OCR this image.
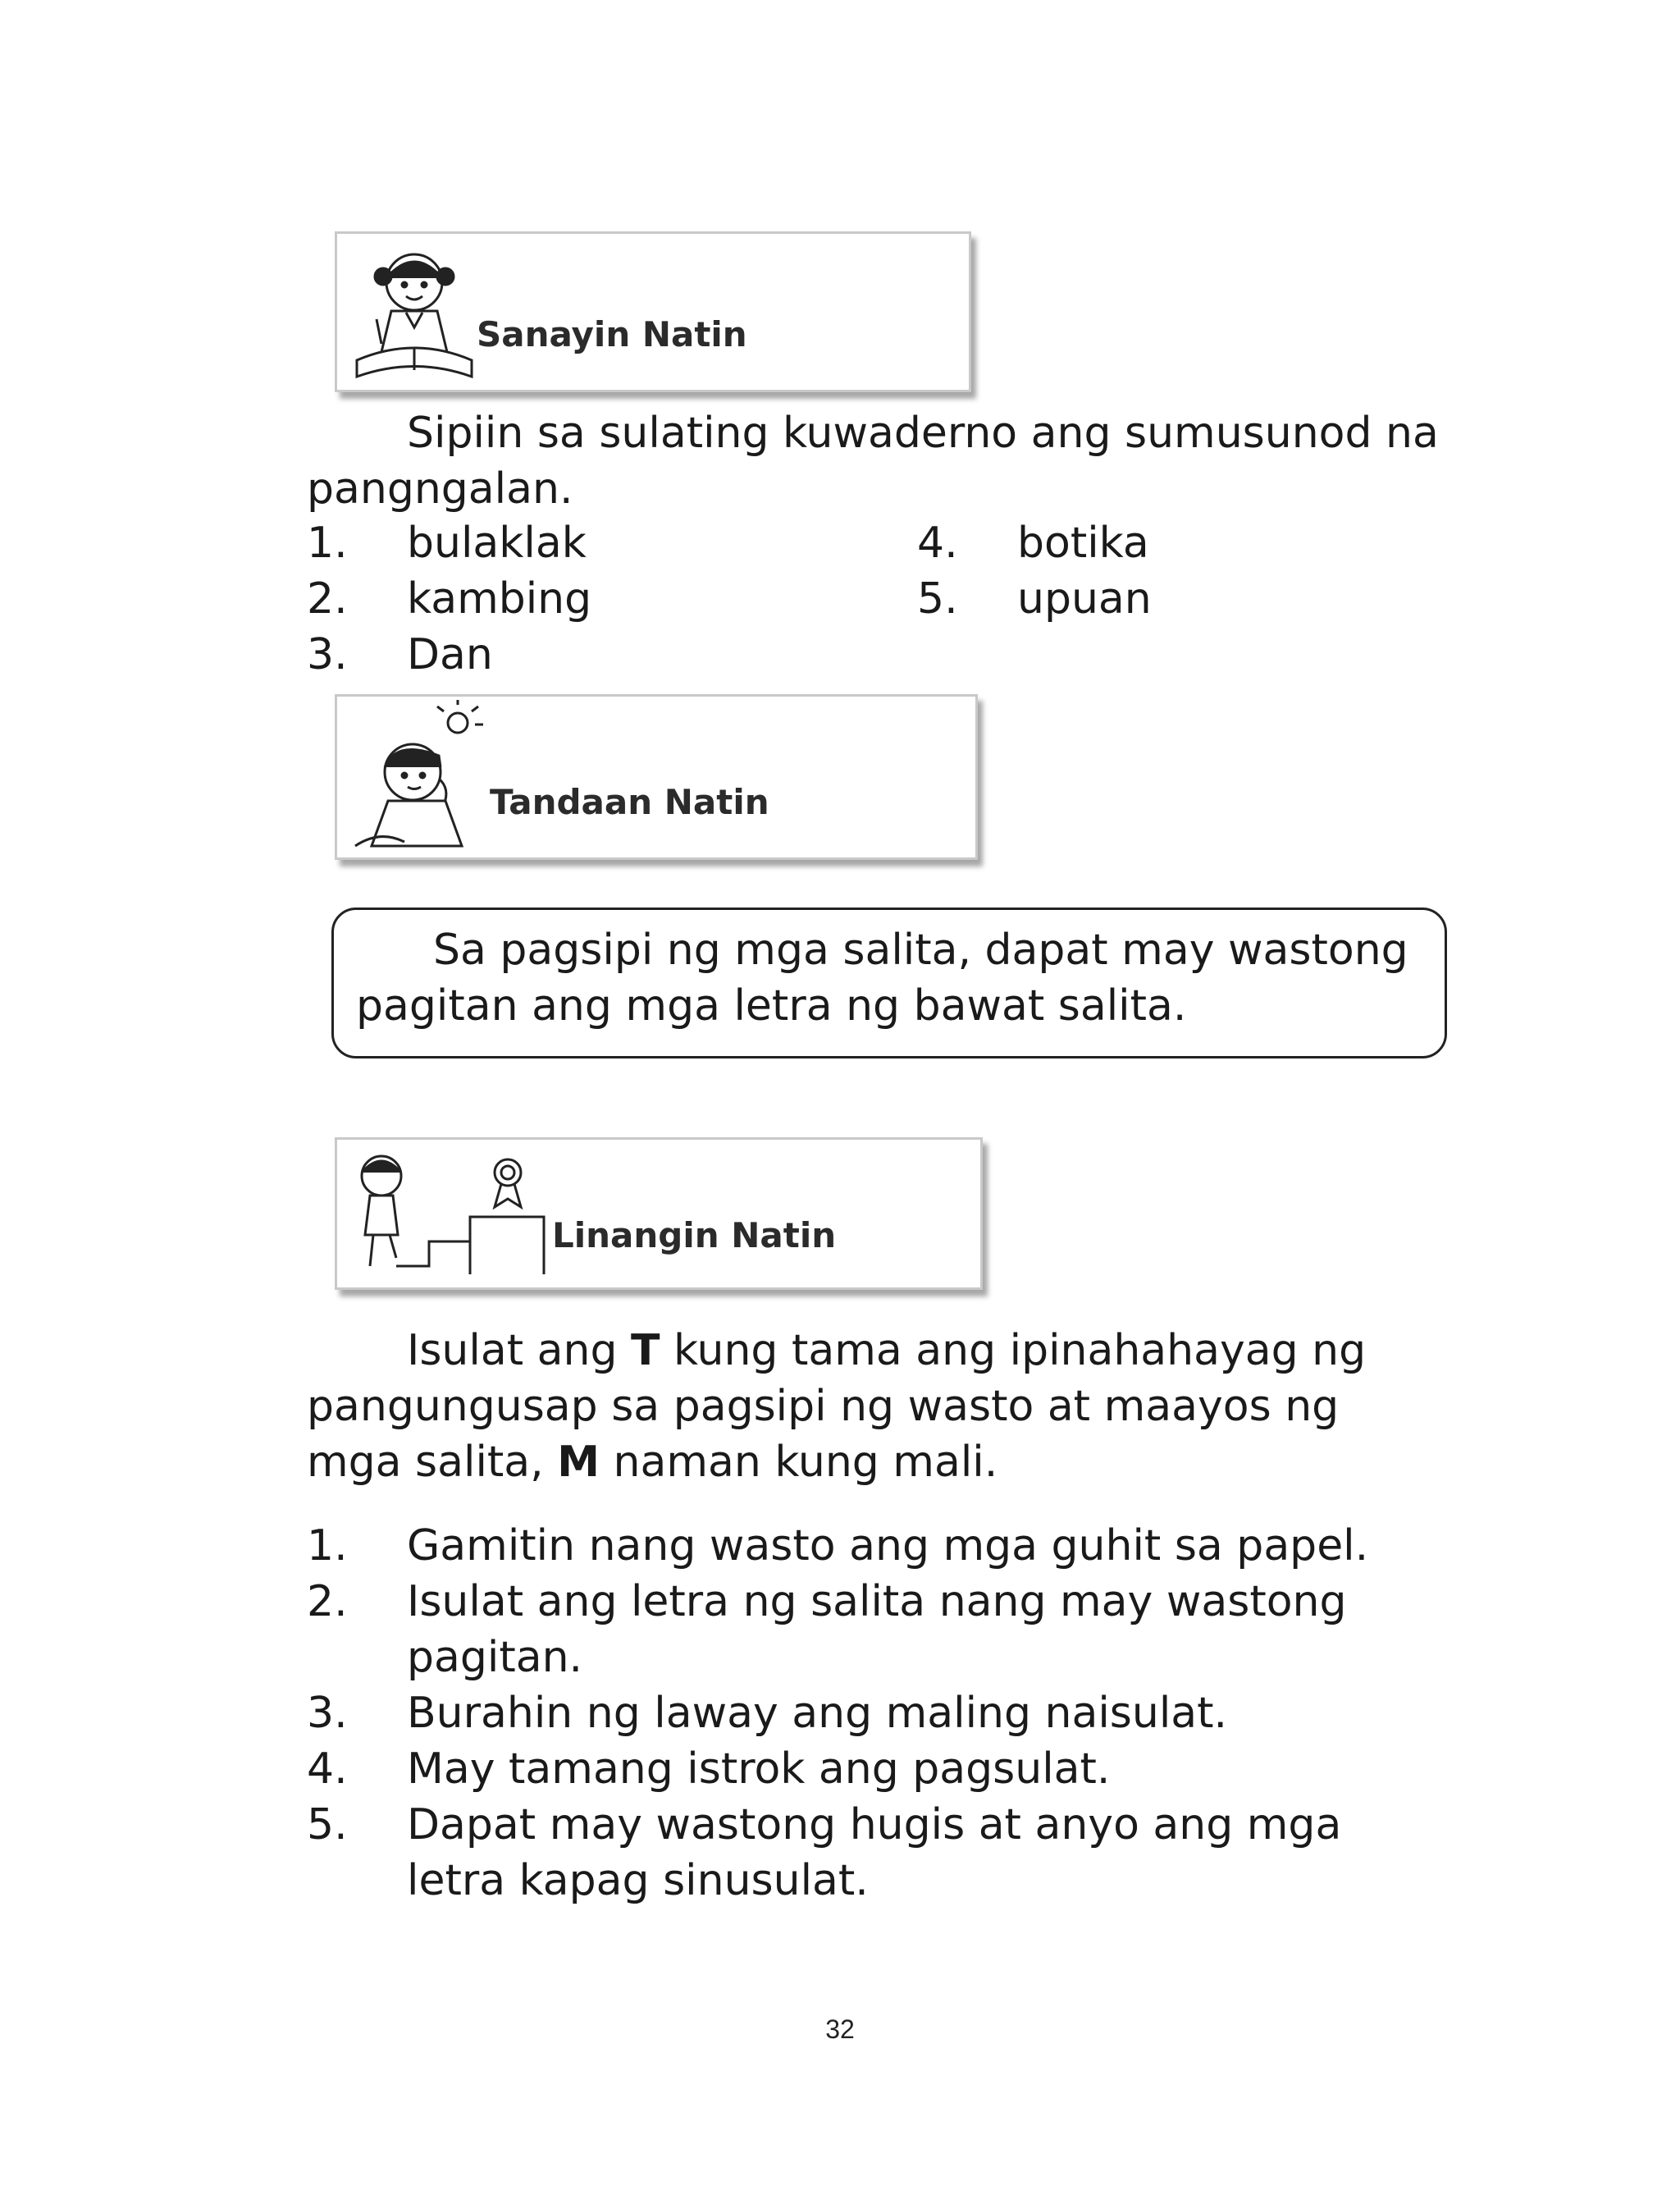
Sanayin Natin
Sipiin sa sulating kuwaderno ang sumusunod na
pangngalan.
1. bulaklak
2. kambing
3. Dan
4. botika
5. upuan
Tandaan Natin
Sa pagsipi ng mga salita, dapat may wastong
pagitan ang mga letra ng bawat salita.
Linangin Natin
Isulat ang T kung tama ang ipinahahayag ng
pangungusap sa pagsipi ng wasto at maayos ng
mga salita, M naman kung mali.
1. Gamitin nang wasto ang mga guhit sa papel.
2. Isulat ang letra ng salita nang may wastong
pagitan.
3. Burahin ng laway ang maling naisulat.
4. May tamang istrok ang pagsulat.
5. Dapat may wastong hugis at anyo ang mga
letra kapag sinusulat.
32
